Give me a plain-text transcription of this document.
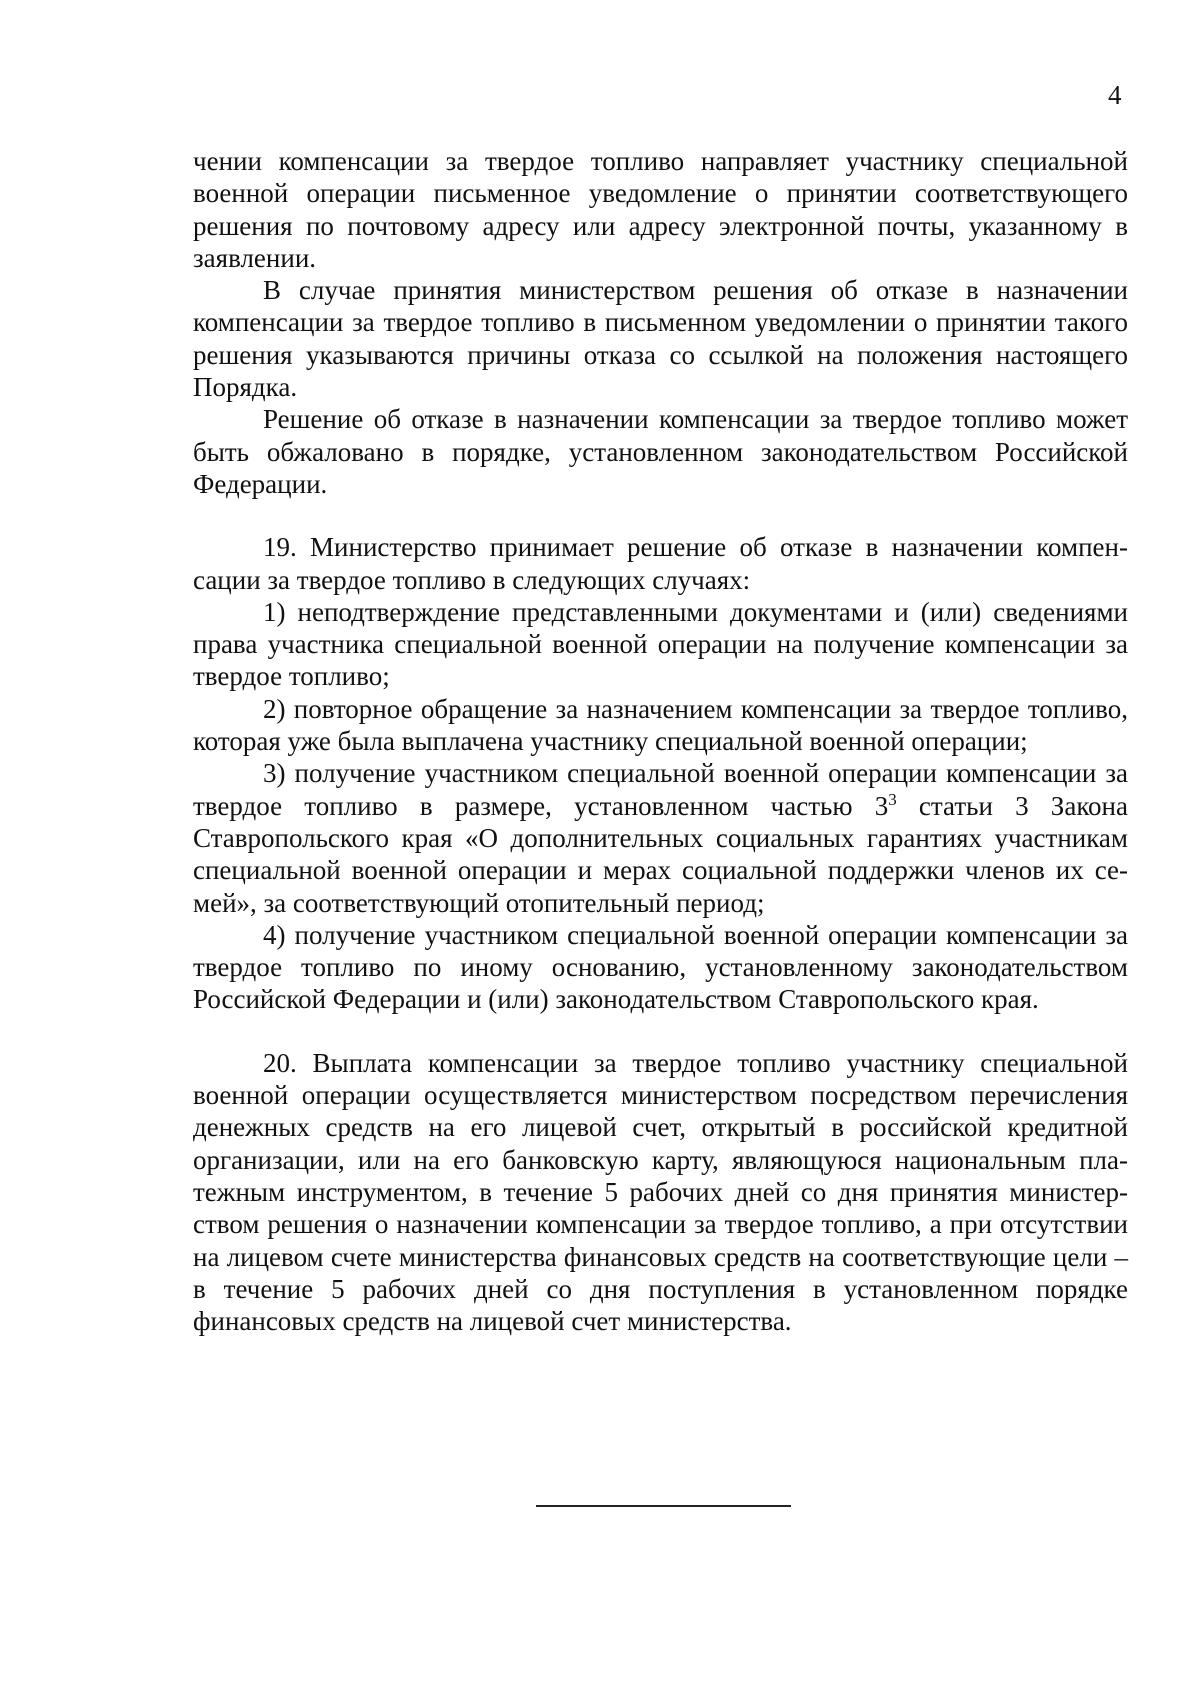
4

чении компенсации за твердое топливо направляет участнику специальной военной операции письменное уведомление о принятии соответствующего решения по почтовому адресу или адресу электронной почты, указанному в заявлении.

В случае принятия министерством решения об отказе в назначении компенсации за твердое топливо в письменном уведомлении о принятии такого решения указываются причины отказа со ссылкой на положения настоящего Порядка.

Решение об отказе в назначении компенсации за твердое топливо может быть обжаловано в порядке, установленном законодательством Российской Федерации.

19. Министерство принимает решение об отказе в назначении компенсации за твердое топливо в следующих случаях:

1) неподтверждение представленными документами и (или) сведениями права участника специальной военной операции на получение компенсации за твердое топливо;

2) повторное обращение за назначением компенсации за твердое топливо, которая уже была выплачена участнику специальной военной операции;

3) получение участником специальной военной операции компенсации за твердое топливо в размере, установленном частью $3^3$ статьи 3 Закона Ставропольского края «О дополнительных социальных гарантиях участникам специальной военной операции и мерах социальной поддержки членов их семей», за соответствующий отопительный период;

4) получение участником специальной военной операции компенсации за твердое топливо по иному основанию, установленному законодательством Российской Федерации и (или) законодательством Ставропольского края.

20. Выплата компенсации за твердое топливо участнику специальной военной операции осуществляется министерством посредством перечисления денежных средств на его лицевой счет, открытый в российской кредитной организации, или на его банковскую карту, являющуюся национальным платежным инструментом, в течение 5 рабочих дней со дня принятия министерством решения о назначении компенсации за твердое топливо, а при отсутствии на лицевом счете министерства финансовых средств на соответствующие цели – в течение 5 рабочих дней со дня поступления в установленном порядке финансовых средств на лицевой счет министерства.
